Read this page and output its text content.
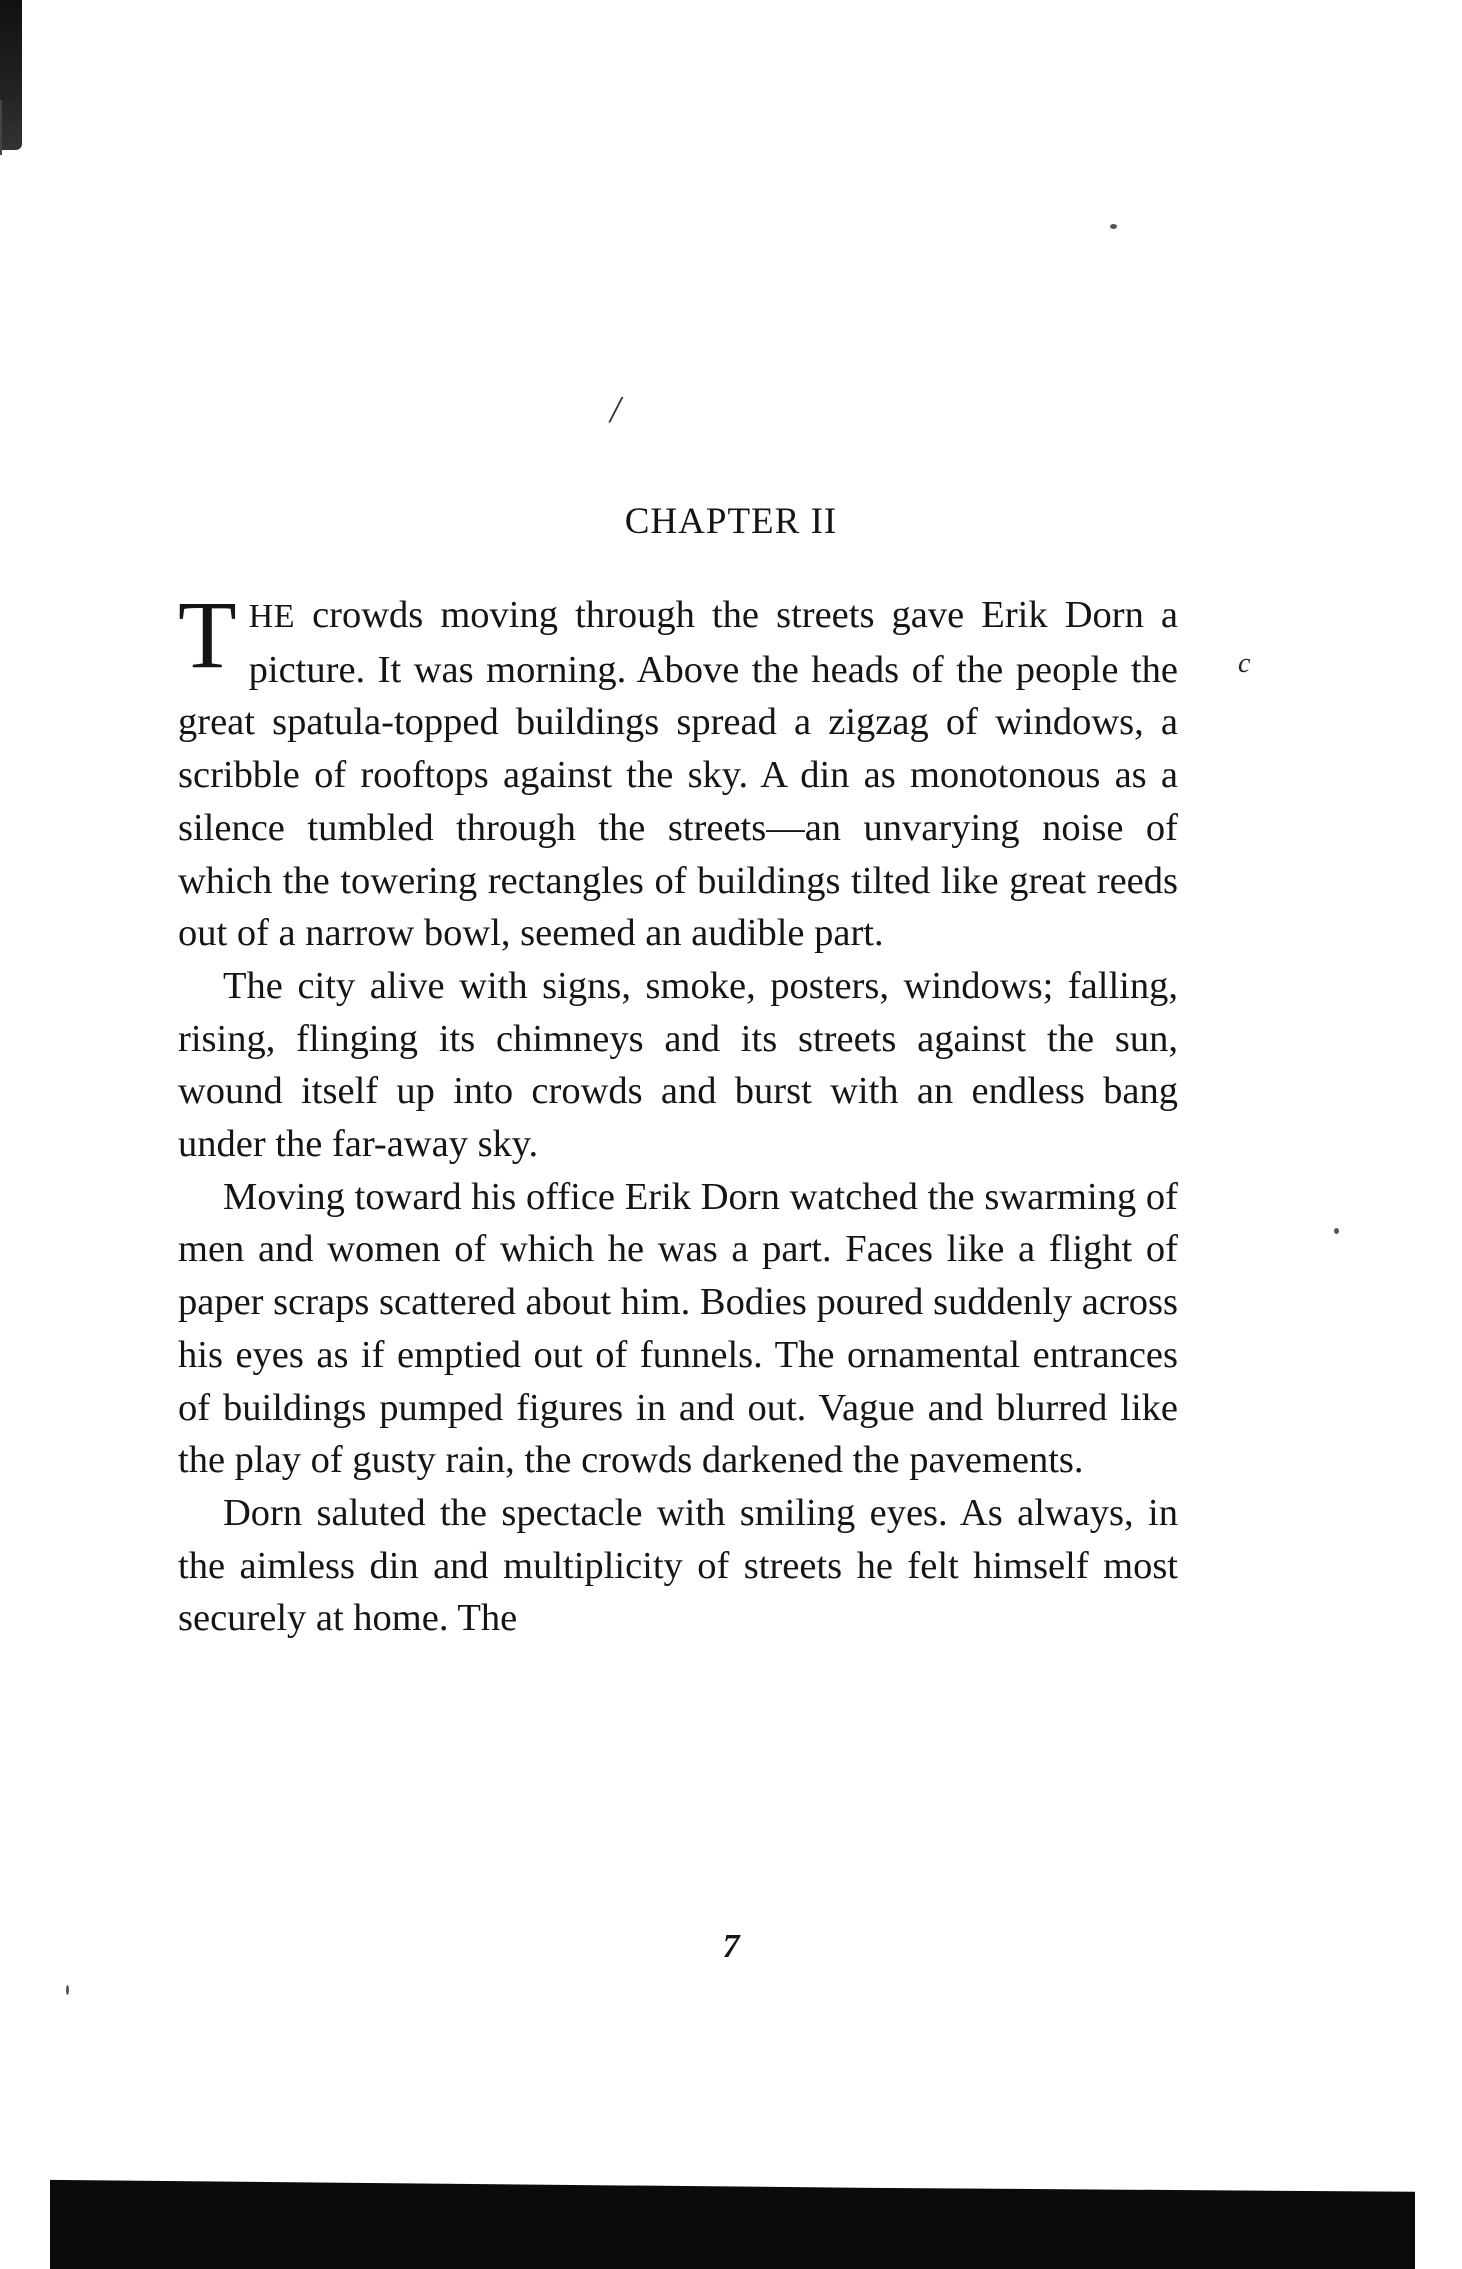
/
CHAPTER II
c

THE crowds moving through the streets gave Erik Dorn a picture. It was morning. Above the heads of the people the great spatula-topped buildings spread a zigzag of windows, a scribble of rooftops against the sky. A din as monotonous as a silence tumbled through the streets—an unvarying noise of which the towering rectangles of buildings tilted like great reeds out of a narrow bowl, seemed an audible part.

The city alive with signs, smoke, posters, windows; falling, rising, flinging its chimneys and its streets against the sun, wound itself up into crowds and burst with an endless bang under the far-away sky.

Moving toward his office Erik Dorn watched the swarming of men and women of which he was a part. Faces like a flight of paper scraps scattered about him. Bodies poured suddenly across his eyes as if emptied out of funnels. The ornamental entrances of buildings pumped figures in and out. Vague and blurred like the play of gusty rain, the crowds darkened the pavements.

Dorn saluted the spectacle with smiling eyes. As always, in the aimless din and multiplicity of streets he felt himself most securely at home. The

7
